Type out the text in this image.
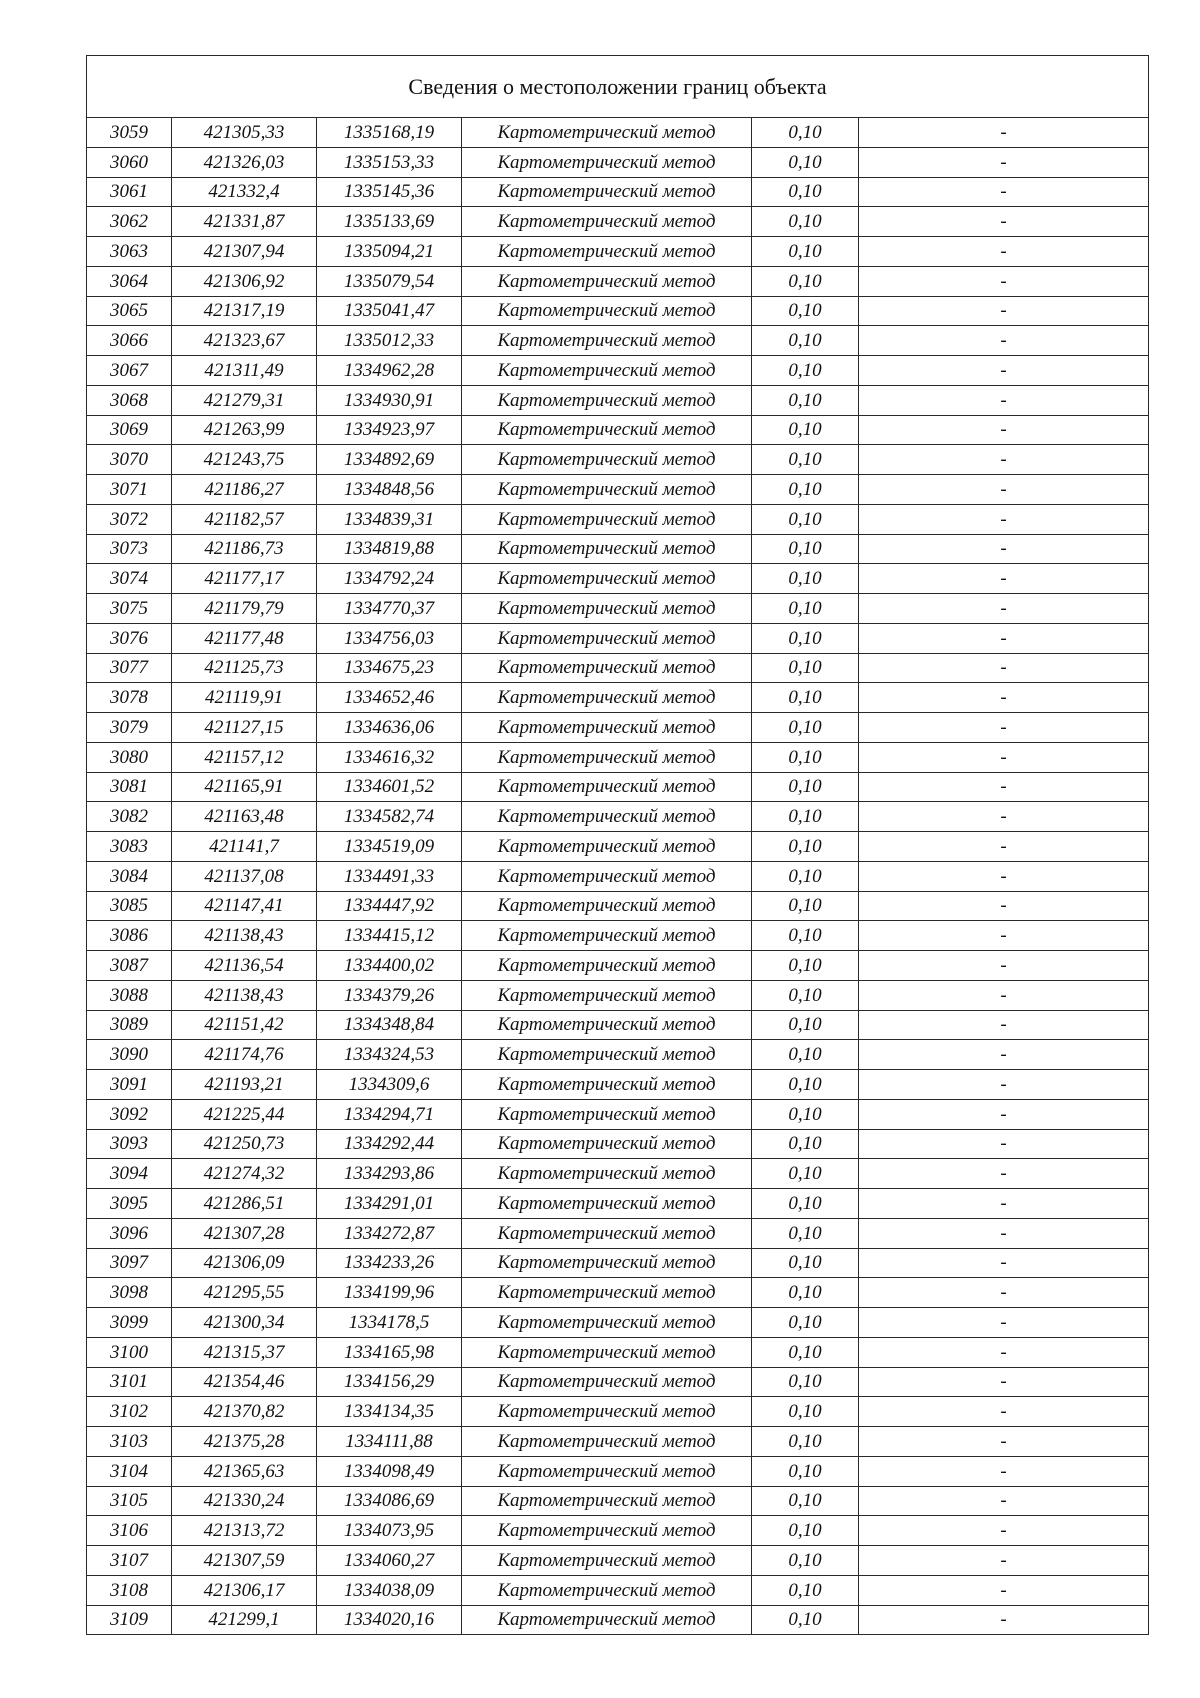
Сведения о местоположении границ объекта					
3059	421305,33	1335168,19	Картометрический метод	0,10	-
3060	421326,03	1335153,33	Картометрический метод	0,10	-
3061	421332,4	1335145,36	Картометрический метод	0,10	-
3062	421331,87	1335133,69	Картометрический метод	0,10	-
3063	421307,94	1335094,21	Картометрический метод	0,10	-
3064	421306,92	1335079,54	Картометрический метод	0,10	-
3065	421317,19	1335041,47	Картометрический метод	0,10	-
3066	421323,67	1335012,33	Картометрический метод	0,10	-
3067	421311,49	1334962,28	Картометрический метод	0,10	-
3068	421279,31	1334930,91	Картометрический метод	0,10	-
3069	421263,99	1334923,97	Картометрический метод	0,10	-
3070	421243,75	1334892,69	Картометрический метод	0,10	-
3071	421186,27	1334848,56	Картометрический метод	0,10	-
3072	421182,57	1334839,31	Картометрический метод	0,10	-
3073	421186,73	1334819,88	Картометрический метод	0,10	-
3074	421177,17	1334792,24	Картометрический метод	0,10	-
3075	421179,79	1334770,37	Картометрический метод	0,10	-
3076	421177,48	1334756,03	Картометрический метод	0,10	-
3077	421125,73	1334675,23	Картометрический метод	0,10	-
3078	421119,91	1334652,46	Картометрический метод	0,10	-
3079	421127,15	1334636,06	Картометрический метод	0,10	-
3080	421157,12	1334616,32	Картометрический метод	0,10	-
3081	421165,91	1334601,52	Картометрический метод	0,10	-
3082	421163,48	1334582,74	Картометрический метод	0,10	-
3083	421141,7	1334519,09	Картометрический метод	0,10	-
3084	421137,08	1334491,33	Картометрический метод	0,10	-
3085	421147,41	1334447,92	Картометрический метод	0,10	-
3086	421138,43	1334415,12	Картометрический метод	0,10	-
3087	421136,54	1334400,02	Картометрический метод	0,10	-
3088	421138,43	1334379,26	Картометрический метод	0,10	-
3089	421151,42	1334348,84	Картометрический метод	0,10	-
3090	421174,76	1334324,53	Картометрический метод	0,10	-
3091	421193,21	1334309,6	Картометрический метод	0,10	-
3092	421225,44	1334294,71	Картометрический метод	0,10	-
3093	421250,73	1334292,44	Картометрический метод	0,10	-
3094	421274,32	1334293,86	Картометрический метод	0,10	-
3095	421286,51	1334291,01	Картометрический метод	0,10	-
3096	421307,28	1334272,87	Картометрический метод	0,10	-
3097	421306,09	1334233,26	Картометрический метод	0,10	-
3098	421295,55	1334199,96	Картометрический метод	0,10	-
3099	421300,34	1334178,5	Картометрический метод	0,10	-
3100	421315,37	1334165,98	Картометрический метод	0,10	-
3101	421354,46	1334156,29	Картометрический метод	0,10	-
3102	421370,82	1334134,35	Картометрический метод	0,10	-
3103	421375,28	1334111,88	Картометрический метод	0,10	-
3104	421365,63	1334098,49	Картометрический метод	0,10	-
3105	421330,24	1334086,69	Картометрический метод	0,10	-
3106	421313,72	1334073,95	Картометрический метод	0,10	-
3107	421307,59	1334060,27	Картометрический метод	0,10	-
3108	421306,17	1334038,09	Картометрический метод	0,10	-
3109	421299,1	1334020,16	Картометрический метод	0,10	-
